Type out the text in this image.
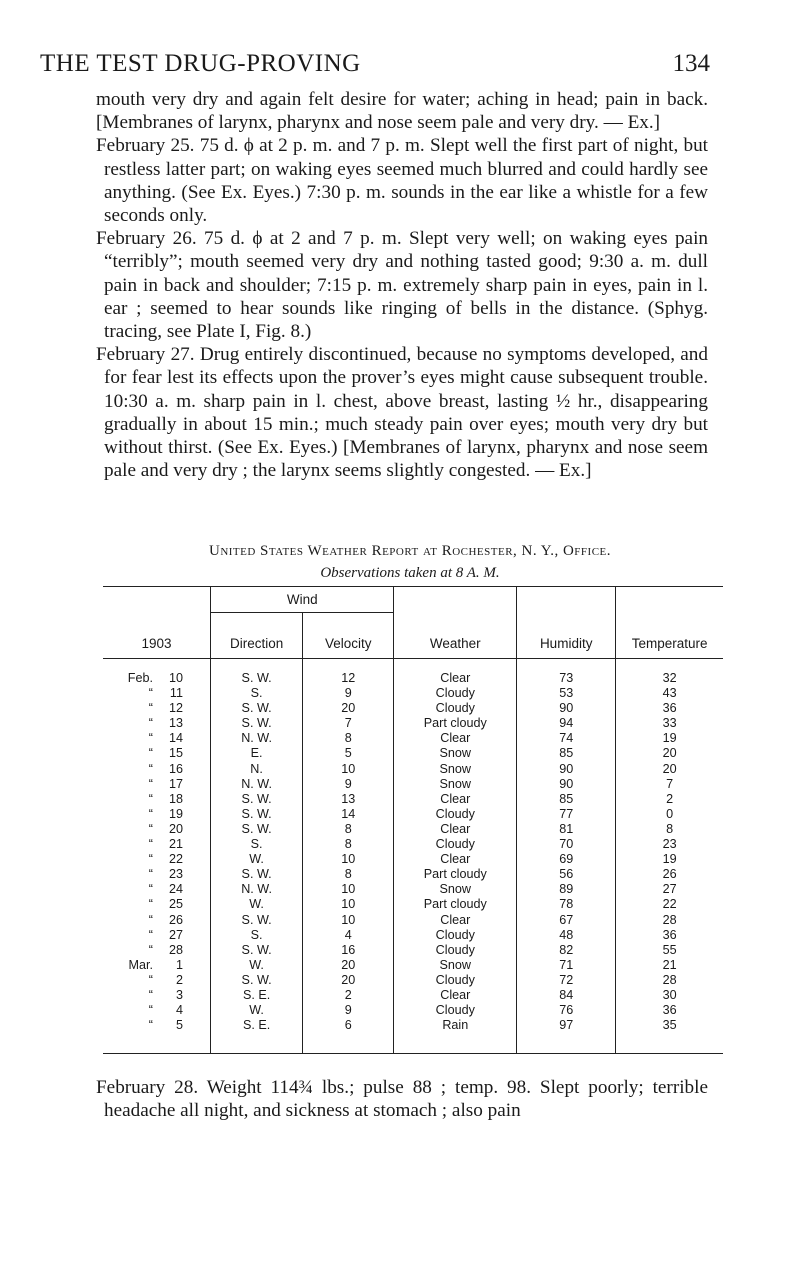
THE TEST DRUG-PROVING	134
mouth very dry and again felt desire for water; aching in head; pain in back. [Membranes of larynx, pharynx and nose seem pale and very dry. — Ex.]
February 25. 75 d. ϕ at 2 p. m. and 7 p. m. Slept well the first part of night, but restless latter part; on waking eyes seemed much blurred and could hardly see anything. (See Ex. Eyes.) 7:30 p. m. sounds in the ear like a whistle for a few seconds only.
February 26. 75 d. ϕ at 2 and 7 p. m. Slept very well; on waking eyes pain “terribly”; mouth seemed very dry and nothing tasted good; 9:30 a. m. dull pain in back and shoulder; 7:15 p. m. extremely sharp pain in eyes, pain in l. ear ; seemed to hear sounds like ringing of bells in the distance. (Sphyg. tracing, see Plate I, Fig. 8.)
February 27. Drug entirely discontinued, because no symptoms developed, and for fear lest its effects upon the prover’s eyes might cause subsequent trouble. 10:30 a. m. sharp pain in l. chest, above breast, lasting ½ hr., disappearing gradually in about 15 min.; much steady pain over eyes; mouth very dry but without thirst. (See Ex. Eyes.) [Membranes of larynx, pharynx and nose seem pale and very dry ; the larynx seems slightly congested. — Ex.]
United States Weather Report at Rochester, N. Y., Office.
Observations taken at 8 A. M.
1903	Wind		Weather	Humidity	Temperature
	Direction	Velocity			
Feb. 10	S. W.	12	Clear	73	32
“ 11	S.	9	Cloudy	53	43
“ 12	S. W.	20	Cloudy	90	36
“ 13	S. W.	7	Part cloudy	94	33
“ 14	N. W.	8	Clear	74	19
“ 15	E.	5	Snow	85	20
“ 16	N.	10	Snow	90	20
“ 17	N. W.	9	Snow	90	7
“ 18	S. W.	13	Clear	85	2
“ 19	S. W.	14	Cloudy	77	0
“ 20	S. W.	8	Clear	81	8
“ 21	S.	8	Cloudy	70	23
“ 22	W.	10	Clear	69	19
“ 23	S. W.	8	Part cloudy	56	26
“ 24	N. W.	10	Snow	89	27
“ 25	W.	10	Part cloudy	78	22
“ 26	S. W.	10	Clear	67	28
“ 27	S.	4	Cloudy	48	36
“ 28	S. W.	16	Cloudy	82	55
Mar. 1	W.	20	Snow	71	21
“ 2	S. W.	20	Cloudy	72	28
“ 3	S. E.	2	Clear	84	30
“ 4	W.	9	Cloudy	76	36
“ 5	S. E.	6	Rain	97	35
February 28. Weight 114¾ lbs.; pulse 88 ; temp. 98. Slept poorly; terrible headache all night, and sickness at stomach ; also pain
